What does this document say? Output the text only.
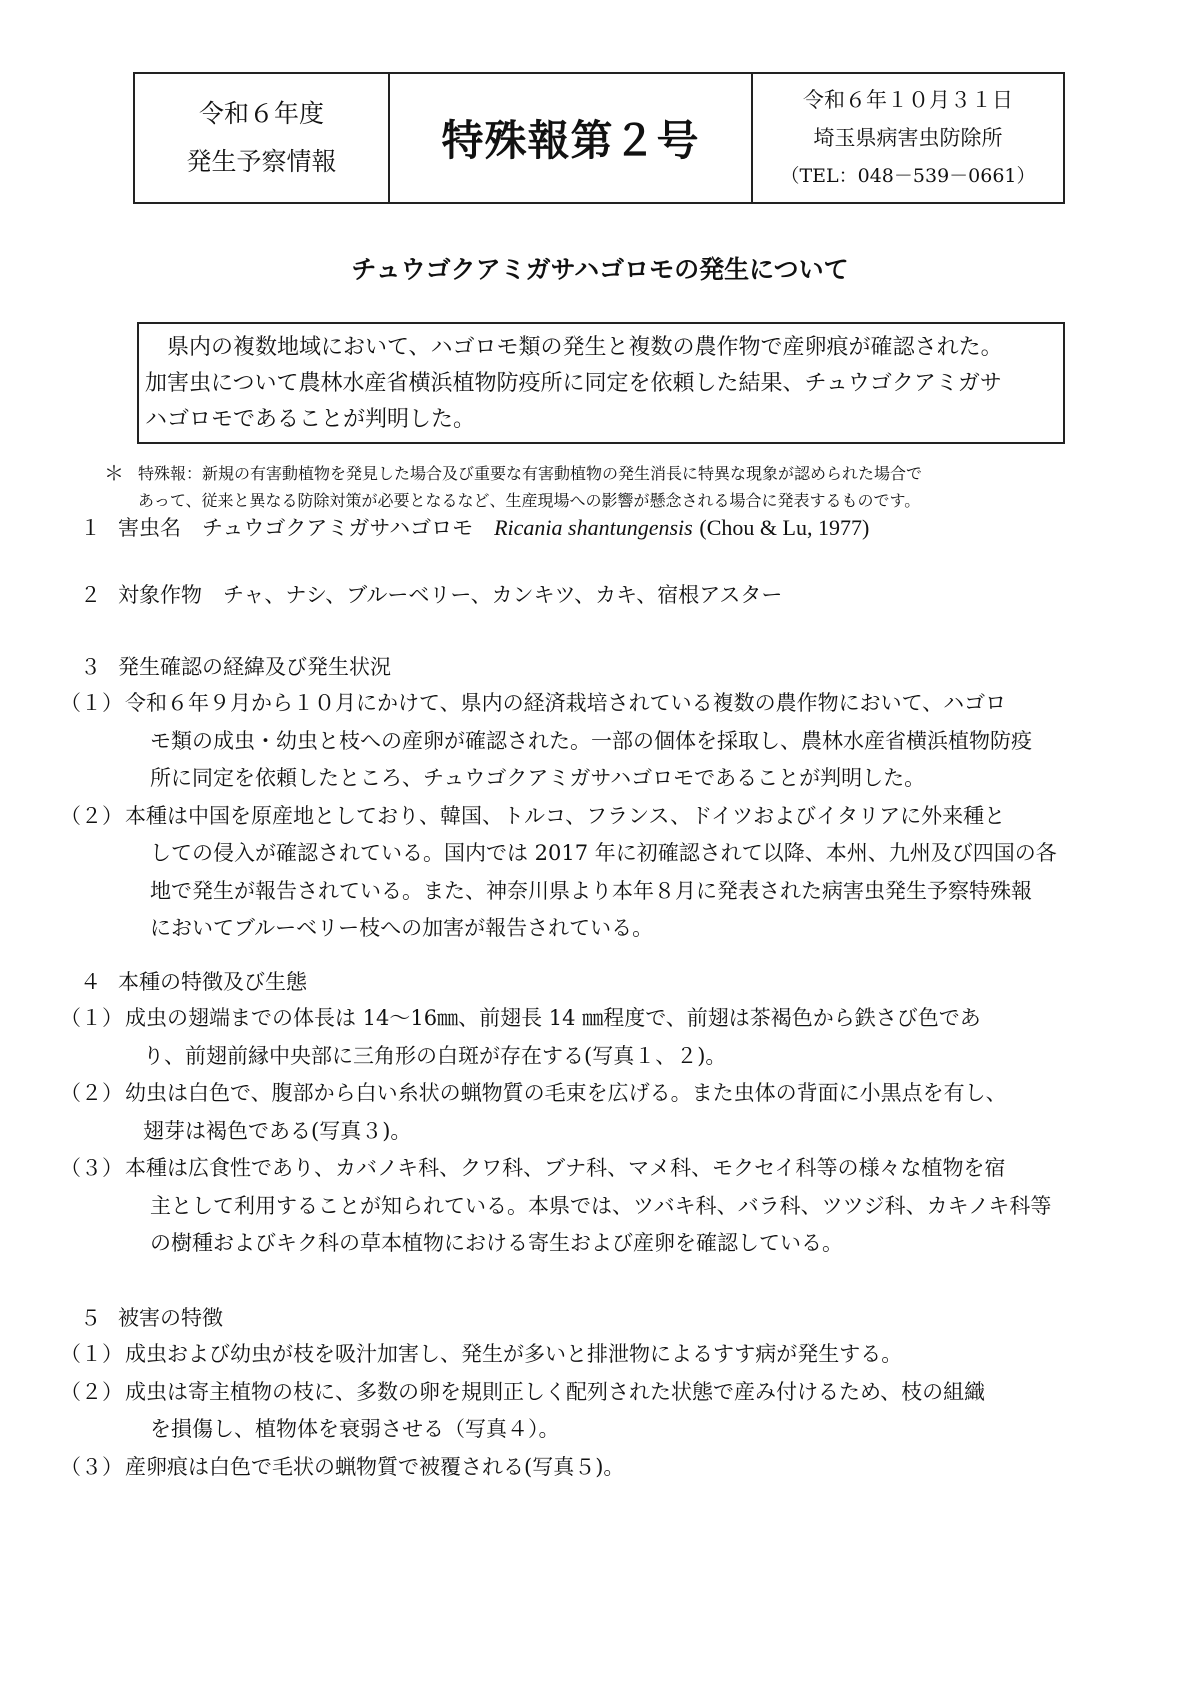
令和６年度
発生予察情報 特殊報第２号
令和６年１０月３１日
埼玉県病害虫防除所
（TEL：048－539－0661）
チュウゴクアミガサハゴロモの発生について
県内の複数地域において、ハゴロモ類の発生と複数の農作物で産卵痕が確認された。
加害虫について農林水産省横浜植物防疫所に同定を依頼した結果、チュウゴクアミガサ
ハゴロモであることが判明した。
＊ 特殊報：新規の有害動植物を発見した場合及び重要な有害動植物の発生消長に特異な現象が認められた場合で
あって、従来と異なる防除対策が必要となるなど、生産現場への影響が懸念される場合に発表するものです。
１ 害虫名　チュウゴクアミガサハゴロモ　 Ricania shantungensis (Chou & Lu, 1977)
２ 対象作物　チャ、ナシ、ブルーベリー、カンキツ、カキ、宿根アスター
３ 発生確認の経緯及び発生状況
（１） 令和６年９月から１０月にかけて、県内の経済栽培されている複数の農作物において、ハゴロ
モ類の成虫・幼虫と枝への産卵が確認された。一部の個体を採取し、農林水産省横浜植物防疫
所に同定を依頼したところ、チュウゴクアミガサハゴロモであることが判明した。
（２） 本種は中国を原産地としており、韓国、トルコ、フランス、ドイツおよびイタリアに外来種と
しての侵入が確認されている。国内では 2017 年に初確認されて以降、本州、九州及び四国の各
地で発生が報告されている。また、神奈川県より本年８月に発表された病害虫発生予察特殊報
においてブルーベリー枝への加害が報告されている。
４ 本種の特徴及び生態
（１） 成虫の翅端までの体長は 14～16㎜、前翅長 14 ㎜程度で、前翅は茶褐色から鉄さび色であ
り、前翅前縁中央部に三角形の白斑が存在する(写真１、２)。
（２） 幼虫は白色で、腹部から白い糸状の蝋物質の毛束を広げる。また虫体の背面に小黒点を有し、
翅芽は褐色である(写真３)。
（３） 本種は広食性であり、カバノキ科、クワ科、ブナ科、マメ科、モクセイ科等の様々な植物を宿
主として利用することが知られている。本県では、ツバキ科、バラ科、ツツジ科、カキノキ科等
の樹種およびキク科の草本植物における寄生および産卵を確認している。
５ 被害の特徴
（１） 成虫および幼虫が枝を吸汁加害し、発生が多いと排泄物によるすす病が発生する。
（２） 成虫は寄主植物の枝に、多数の卵を規則正しく配列された状態で産み付けるため、枝の組織
を損傷し、植物体を衰弱させる（写真４）。
（３） 産卵痕は白色で毛状の蝋物質で被覆される(写真５)。
